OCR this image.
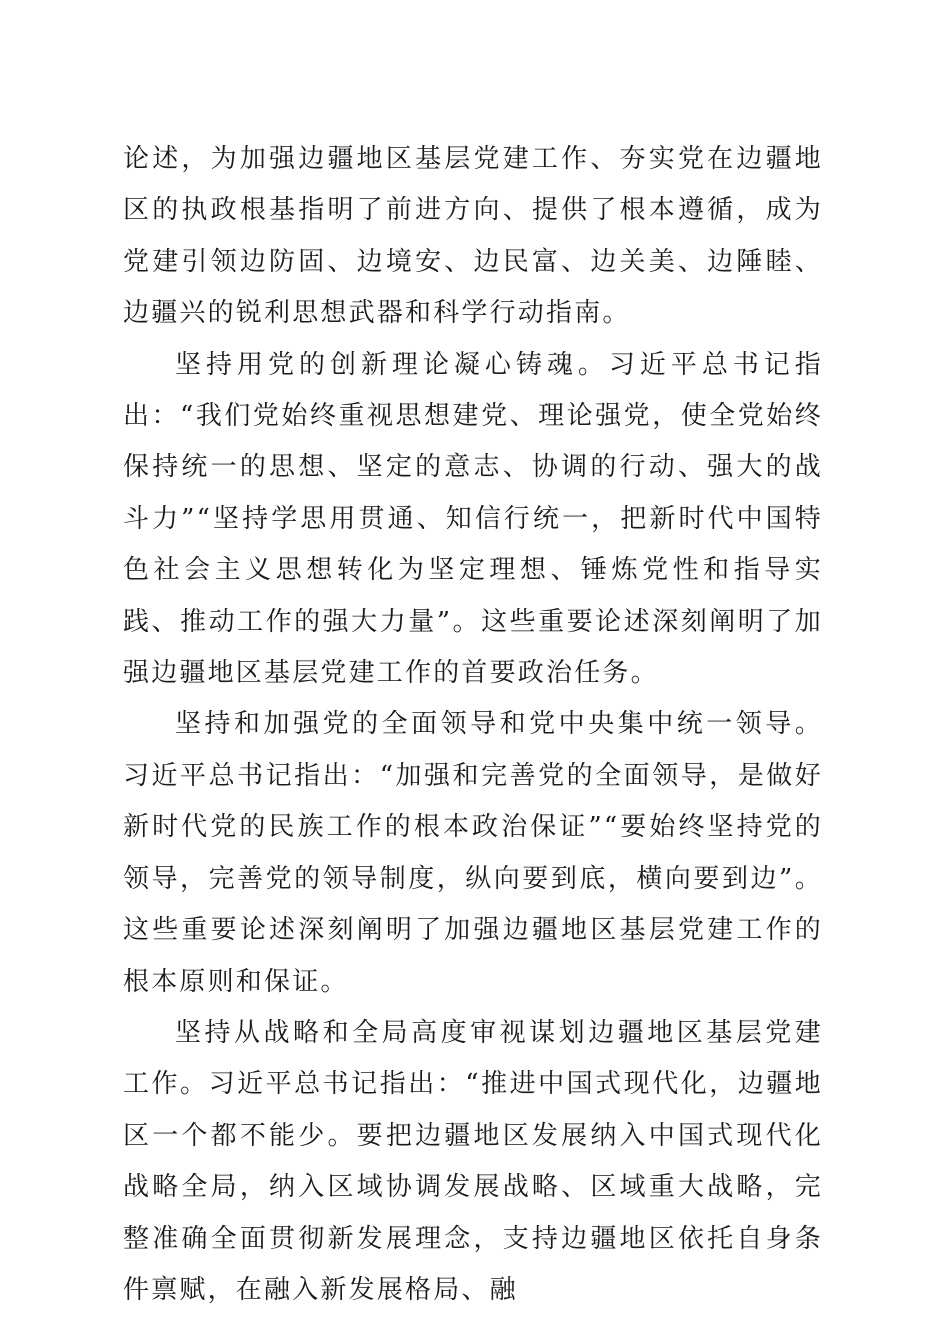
论述，为加强边疆地区基层党建工作、夯实党在边疆地区的执政根基指明了前进方向、提供了根本遵循，成为党建引领边防固、边境安、边民富、边关美、边陲睦、边疆兴的锐利思想武器和科学行动指南。

坚持用党的创新理论凝心铸魂。习近平总书记指出：“我们党始终重视思想建党、理论强党，使全党始终保持统一的思想、坚定的意志、协调的行动、强大的战斗力”“坚持学思用贯通、知信行统一，把新时代中国特色社会主义思想转化为坚定理想、锤炼党性和指导实践、推动工作的强大力量”。这些重要论述深刻阐明了加强边疆地区基层党建工作的首要政治任务。

坚持和加强党的全面领导和党中央集中统一领导。习近平总书记指出：“加强和完善党的全面领导，是做好新时代党的民族工作的根本政治保证”“要始终坚持党的领导，完善党的领导制度，纵向要到底，横向要到边”。这些重要论述深刻阐明了加强边疆地区基层党建工作的根本原则和保证。

坚持从战略和全局高度审视谋划边疆地区基层党建工作。习近平总书记指出：“推进中国式现代化，边疆地区一个都不能少。要把边疆地区发展纳入中国式现代化战略全局，纳入区域协调发展战略、区域重大战略，完整准确全面贯彻新发展理念，支持边疆地区依托自身条件禀赋，在融入新发展格局、融
